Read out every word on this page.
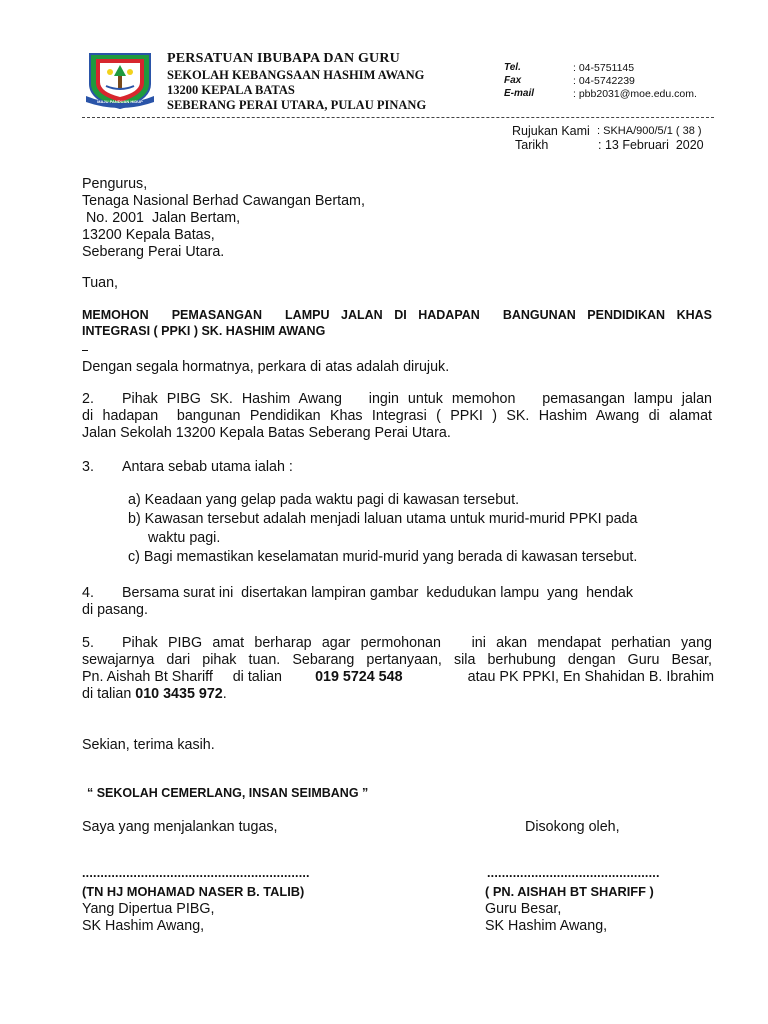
MAJU PANDUAN HIDUP
PERSATUAN IBUBAPA DAN GURU
SEKOLAH KEBANGSAAN HASHIM AWANG
13200 KEPALA BATAS
SEBERANG PERAI UTARA, PULAU PINANG
Tel.	: 04-5751145
Fax	: 04-5742239
E-mail	: pbb2031@moe.edu.com.
Rujukan Kami : SKHA/900/5/1 ( 38 )
Tarikh	: 13 Februari  2020
Pengurus,
Tenaga Nasional Berhad Cawangan Bertam,
No. 2001  Jalan Bertam,
13200 Kepala Batas,
Seberang Perai Utara.
Tuan,
MEMOHON  PEMASANGAN  LAMPU JALAN DI HADAPAN  BANGUNAN PENDIDIKAN KHAS
INTEGRASI ( PPKI ) SK. HASHIM AWANG
Dengan segala hormatnya, perkara di atas adalah dirujuk.
2. Pihak PIBG SK. Hashim Awang   ingin untuk memohon   pemasangan lampu jalan
di hadapan  bangunan Pendidikan Khas Integrasi ( PPKI ) SK. Hashim Awang di alamat
Jalan Sekolah 13200 Kepala Batas Seberang Perai Utara.
3. Antara sebab utama ialah :
a) Keadaan yang gelap pada waktu pagi di kawasan tersebut.
b) Kawasan tersebut adalah menjadi laluan utama untuk murid-murid PPKI pada
waktu pagi.
c) Bagi memastikan keselamatan murid-murid yang berada di kawasan tersebut.
4. Bersama surat ini  disertakan lampiran gambar  kedudukan lampu  yang  hendak
di pasang.
5. Pihak PIBG amat berharap agar permohonan   ini akan mendapat perhatian yang
sewajarnya dari pihak tuan. Sebarang pertanyaan, sila berhubung dengan Guru Besar,
Pn. Aishah Bt Shariff     di talian 019 5724 548	atau PK PPKI, En Shahidan B. Ibrahim
di talian 010 3435 972.
Sekian, terima kasih.
“ SEKOLAH CEMERLANG, INSAN SEIMBANG ”
Saya yang menjalankan tugas,	Disokong oleh,
..............................................................	...............................................
(TN HJ MOHAMAD NASER B. TALIB)	( PN. AISHAH BT SHARIFF )
Yang Dipertua PIBG,	Guru Besar,
SK Hashim Awang,	SK Hashim Awang,
